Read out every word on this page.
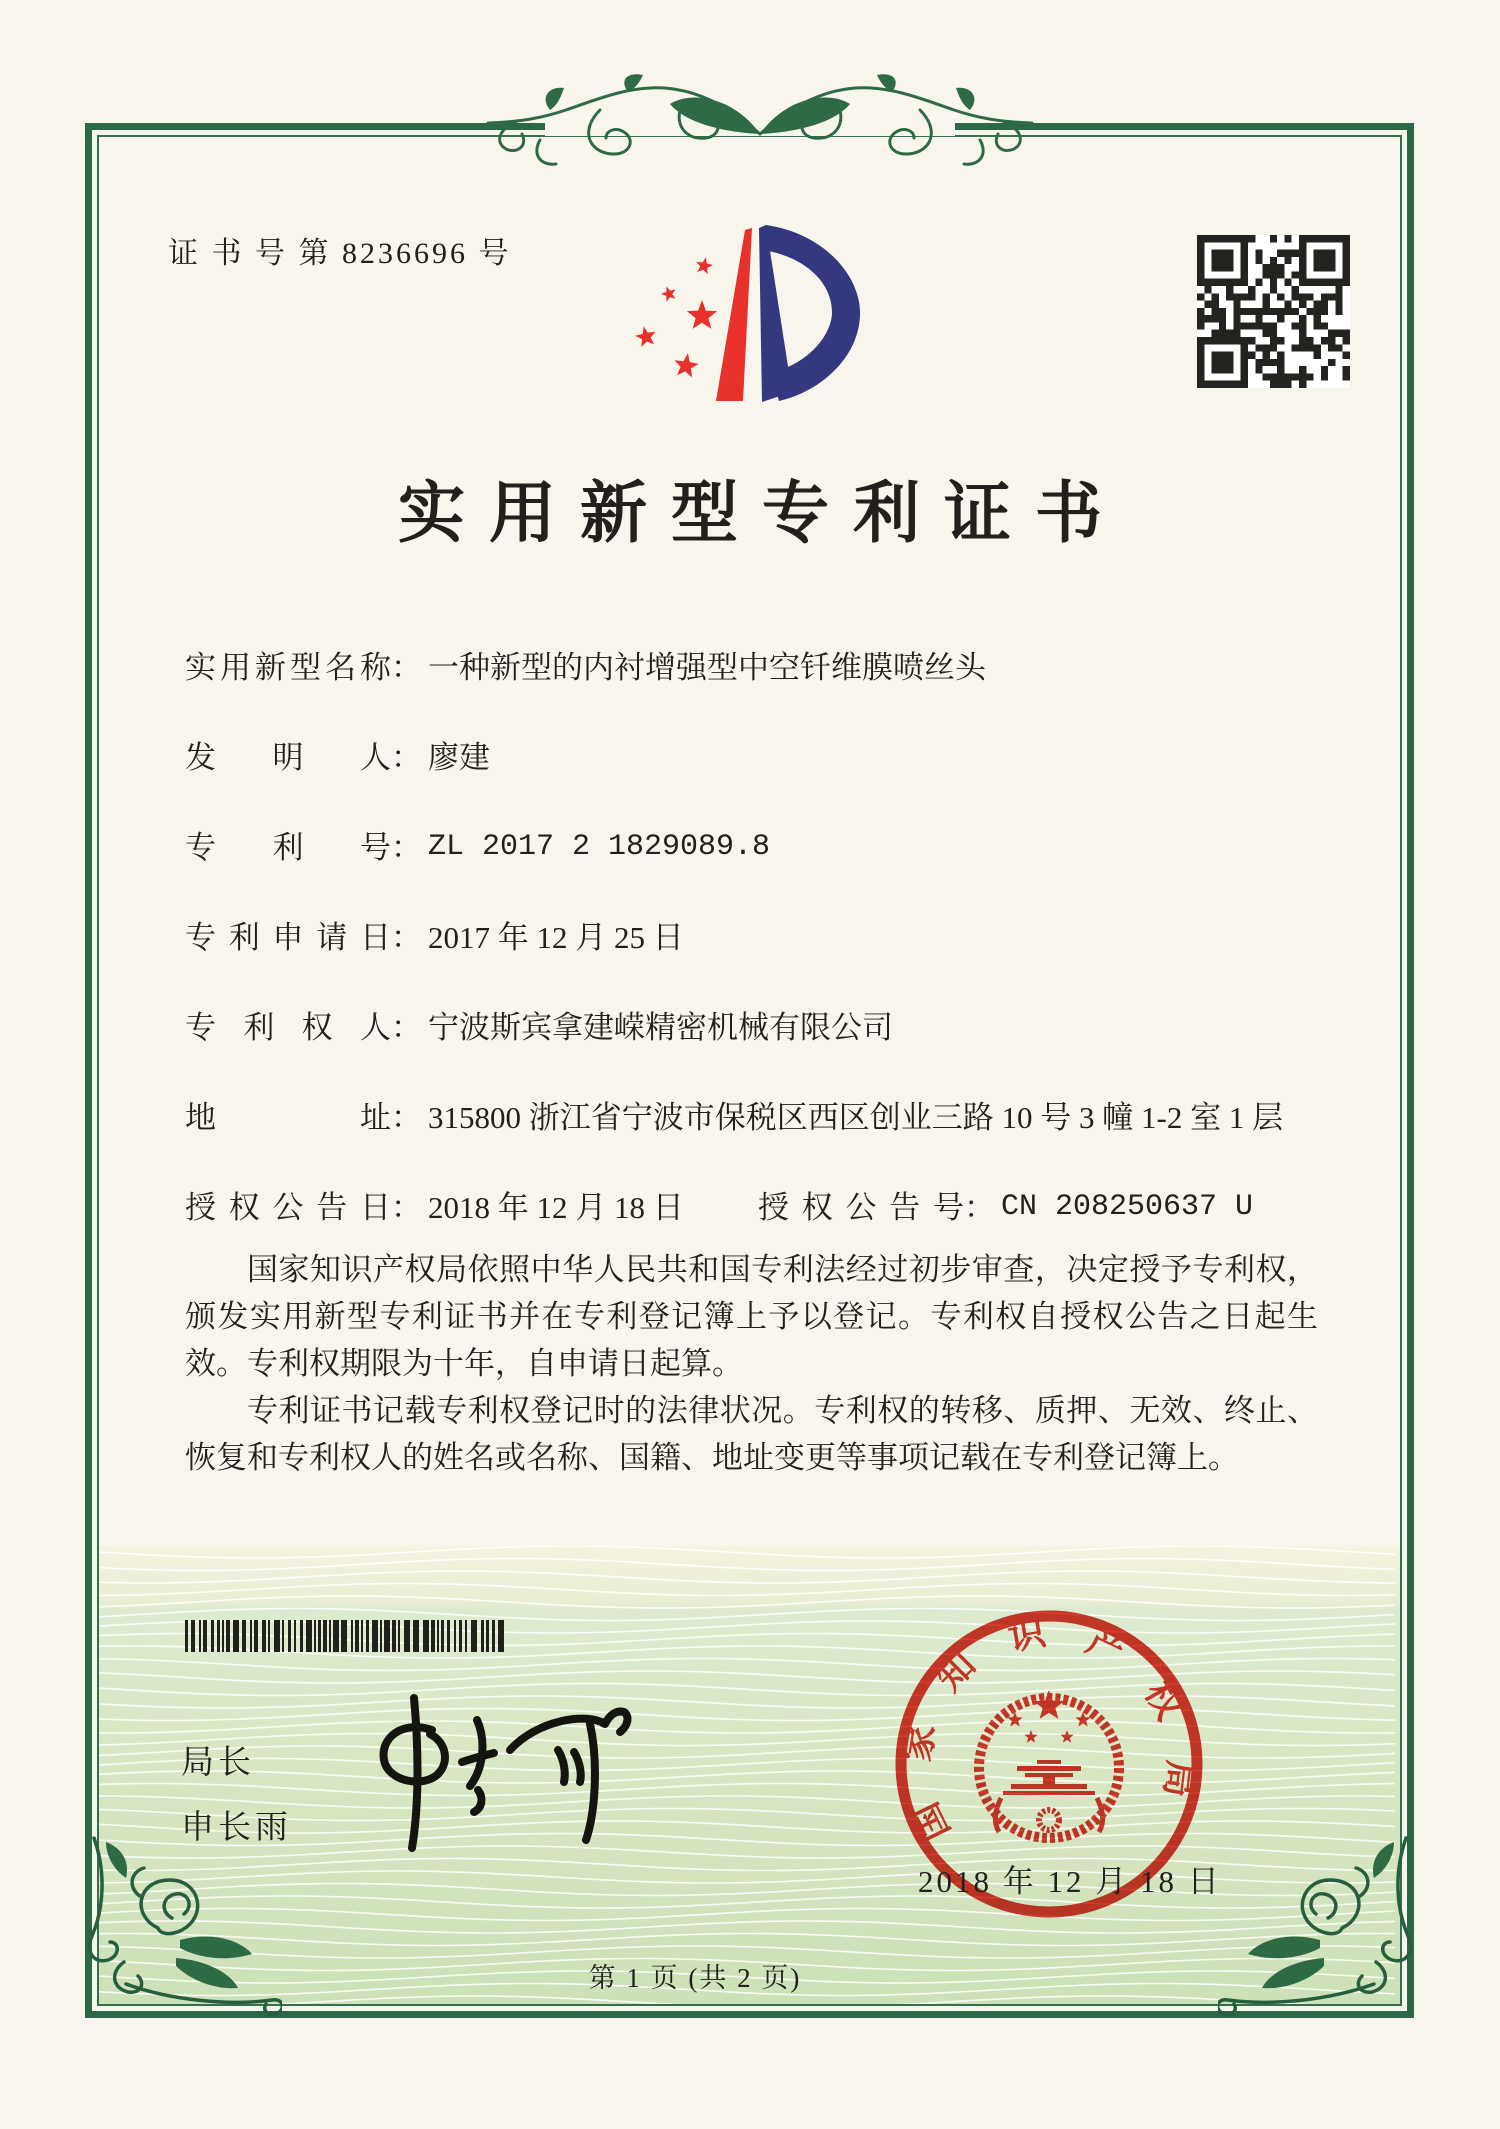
证 书 号 第 8236696 号
实用新型专利证书
实用新型名称： 一种新型的内衬增强型中空钎维膜喷丝头
发明人： 廖建
专利号： ZL 2017 2 1829089.8
专利申请日： 2017 年 12 月 25 日
专利权人： 宁波斯宾拿建嵘精密机械有限公司
地址： 315800 浙江省宁波市保税区西区创业三路 10 号 3 幢 1-2 室 1 层
授权公告日： 2018 年 12 月 18 日 授权公告号： CN 208250637 U

国家知识产权局依照中华人民共和国专利法经过初步审查，决定授予专利权，颁发实用新型专利证书并在专利登记簿上予以登记。专利权自授权公告之日起生效。专利权期限为十年，自申请日起算。

专利证书记载专利权登记时的法律状况。专利权的转移、质押、无效、终止、恢复和专利权人的姓名或名称、国籍、地址变更等事项记载在专利登记簿上。

局长
申长雨	国家知识产权局
2018 年 12 月 18 日
第 1 页 (共 2 页)
